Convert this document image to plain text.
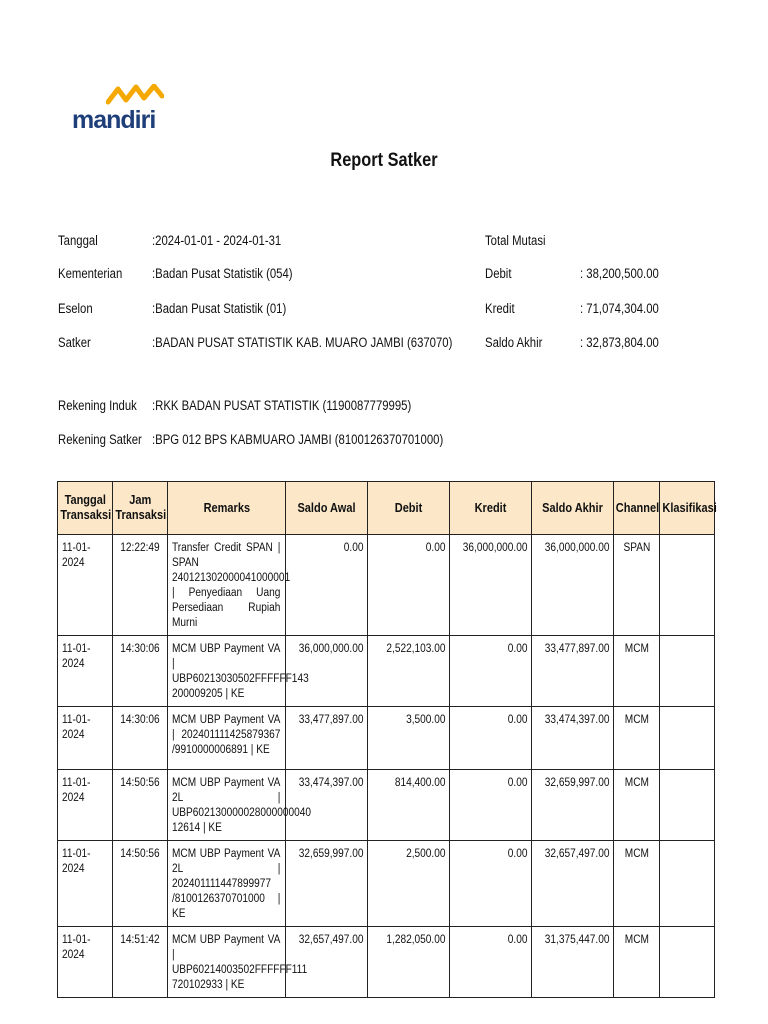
mandiri
Report Satker
Tanggal	:2024-01-01 - 2024-01-31
Kementerian :Badan Pusat Statistik (054)
Eselon	:Badan Pusat Statistik (01)
Satker	:BADAN PUSAT STATISTIK KAB. MUARO JAMBI (637070)
Rekening Induk :RKK BADAN PUSAT STATISTIK (1190087779995)
Rekening Satker :BPG 012 BPS KABMUARO JAMBI (8100126370701000)
Total Mutasi
Debit	: 38,200,500.00
Kredit	: 71,074,304.00
Saldo Akhir	: 32,873,804.00
Tanggal Transaksi	Jam Transaksi	Remarks	Saldo Awal	Debit	Kredit	Saldo Akhir	Channel	Klasifikasi

11-01-2024	12:22:49	Transfer Credit SPAN | SPAN 240121302000041000001 | Penyediaan Uang Persediaan Rupiah Murni	0.00	0.00	36,000,000.00	36,000,000.00	SPAN	

11-01-2024	14:30:06	MCM UBP Payment VA | UBP60213030502FFFFFF143 200009205 | KE	36,000,000.00	2,522,103.00	0.00	33,477,897.00	MCM	

11-01-2024	14:30:06	MCM UBP Payment VA | 202401111425879367 /9910000006891 | KE	33,477,897.00	3,500.00	0.00	33,474,397.00	MCM	

11-01-2024	14:50:56	MCM UBP Payment VA 2L | UBP602130000028000000040 12614 | KE	33,474,397.00	814,400.00	0.00	32,659,997.00	MCM	

11-01-2024	14:50:56	MCM UBP Payment VA 2L | 202401111447899977 /8100126370701000 | KE	32,659,997.00	2,500.00	0.00	32,657,497.00	MCM	

11-01-2024	14:51:42	MCM UBP Payment VA | UBP60214003502FFFFFF111 720102933 | KE	32,657,497.00	1,282,050.00	0.00	31,375,447.00	MCM	
